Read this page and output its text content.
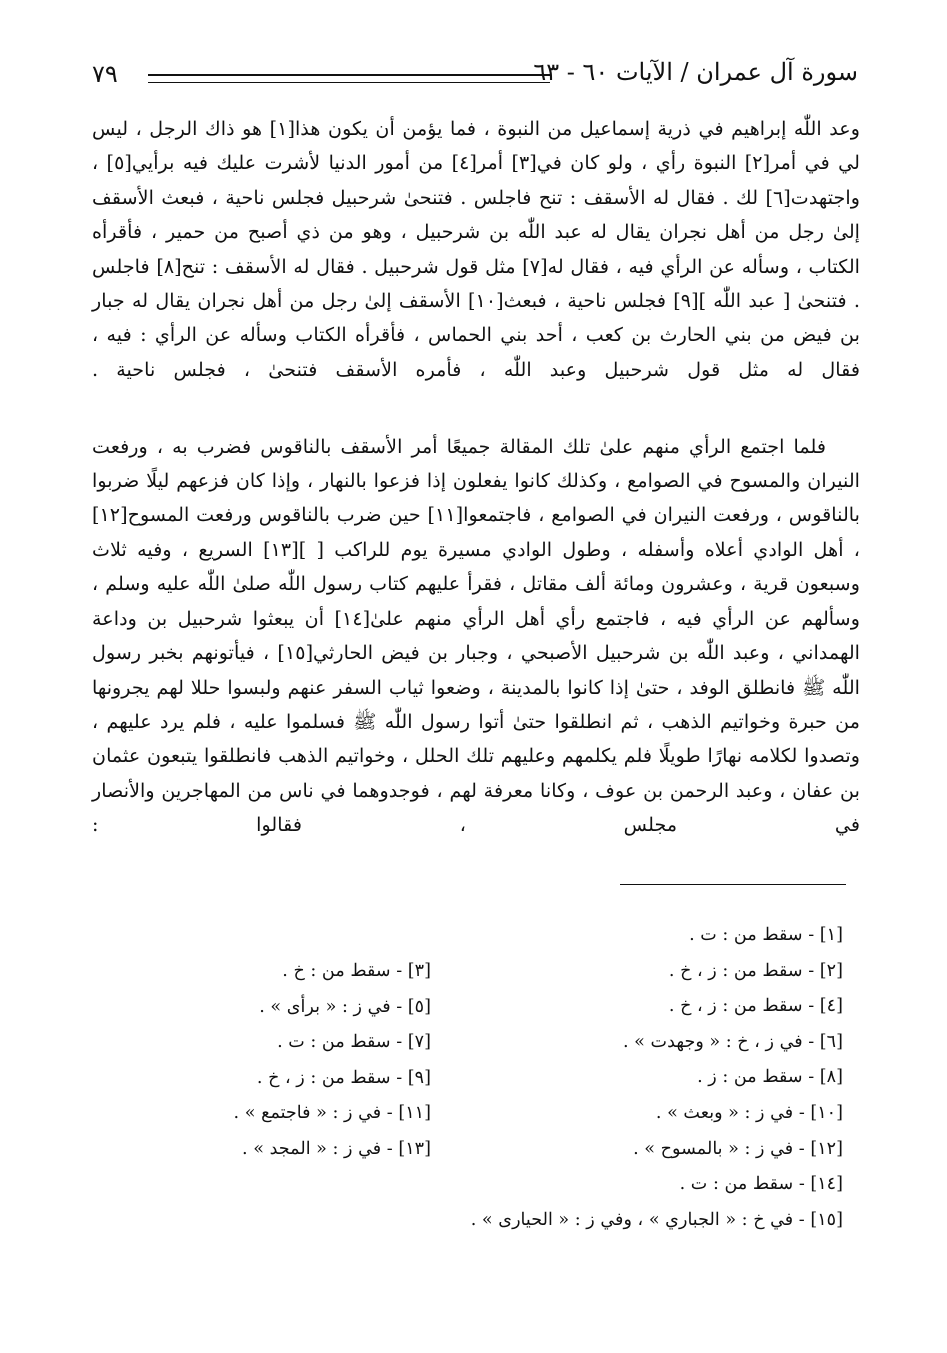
٧٩	سورة آل عمران / الآيات ٦٠ - ٦٣

وعد اللّٰه إبراهيم في ذرية إسماعيل من النبوة ، فما يؤمن أن يكون هذا[١] هو ذاك الرجل ، ليس لي في أمر[٢] النبوة رأي ، ولو كان في[٣] أمر[٤] من أمور الدنيا لأشرت عليك فيه برأيي[٥] ، واجتهدت[٦] لك . فقال له الأسقف : تنح فاجلس . فتنحىٰ شرحبيل فجلس ناحية ، فبعث الأسقف إلىٰ رجل من أهل نجران يقال له عبد اللّٰه بن شرحبيل ، وهو من ذي أصبح من حمير ، فأقرأه الكتاب ، وسأله عن الرأي فيه ، فقال له[٧] مثل قول شرحبيل . فقال له الأسقف : تنح[٨] فاجلس . فتنحىٰ [ عبد اللّٰه ][٩] فجلس ناحية ، فبعث[١٠] الأسقف إلىٰ رجل من أهل نجران يقال له جبار بن فيض من بني الحارث بن كعب ، أحد بني الحماس ، فأقرأه الكتاب وسأله عن الرأي : فيه ، فقال له مثل قول شرحبيل وعبد اللّٰه ، فأمره الأسقف فتنحىٰ ، فجلس ناحية .

فلما اجتمع الرأي منهم علىٰ تلك المقالة جميعًا أمر الأسقف بالناقوس فضرب به ، ورفعت النيران والمسوح في الصوامع ، وكذلك كانوا يفعلون إذا فزعوا بالنهار ، وإذا كان فزعهم ليلًا ضربوا بالناقوس ، ورفعت النيران في الصوامع ، فاجتمعوا[١١] حين ضرب بالناقوس ورفعت المسوح[١٢] ، أهل الوادي أعلاه وأسفله ، وطول الوادي مسيرة يوم للراكب [ ][١٣] السريع ، وفيه ثلاث وسبعون قرية ، وعشرون ومائة ألف مقاتل ، فقرأ عليهم كتاب رسول اللّٰه صلىٰ اللّٰه عليه وسلم ، وسألهم عن الرأي فيه ، فاجتمع رأي أهل الرأي منهم علىٰ[١٤] أن يبعثوا شرحبيل بن وداعة الهمداني ، وعبد اللّٰه بن شرحبيل الأصبحي ، وجبار بن فيض الحارثي[١٥] ، فيأتونهم بخبر رسول اللّٰه ﷺ فانطلق الوفد ، حتىٰ إذا كانوا بالمدينة ، وضعوا ثياب السفر عنهم ولبسوا حللا لهم يجرونها من حبرة وخواتيم الذهب ، ثم انطلقوا حتىٰ أتوا رسول اللّٰه ﷺ فسلموا عليه ، فلم يرد عليهم ، وتصدوا لكلامه نهارًا طويلًا فلم يكلمهم وعليهم تلك الحلل ، وخواتيم الذهب فانطلقوا يتبعون عثمان بن عفان ، وعبد الرحمن بن عوف ، وكانا معرفة لهم ، فوجدوهما في ناس من المهاجرين والأنصار في مجلس ، فقالوا :

[١] - سقط من : ت .
[٢] - سقط من : ز ، خ .
[٤] - سقط من : ز ، خ .
[٦] - في ز ، خ : « وجهدت » .
[٨] - سقط من : ز .
[١٠] - في ز : « وبعث » .
[١٢] - في ز : « بالمسوح » .
[١٤] - سقط من : ت .
[١٥] - في خ : « الجباري » ، وفي ز : « الحيارى » .
[٣] - سقط من : خ .
[٥] - في ز : « برأى » .
[٧] - سقط من : ت .
[٩] - سقط من : ز ، خ .
[١١] - في ز : « فاجتمع » .
[١٣] - في ز : « المجد » .
